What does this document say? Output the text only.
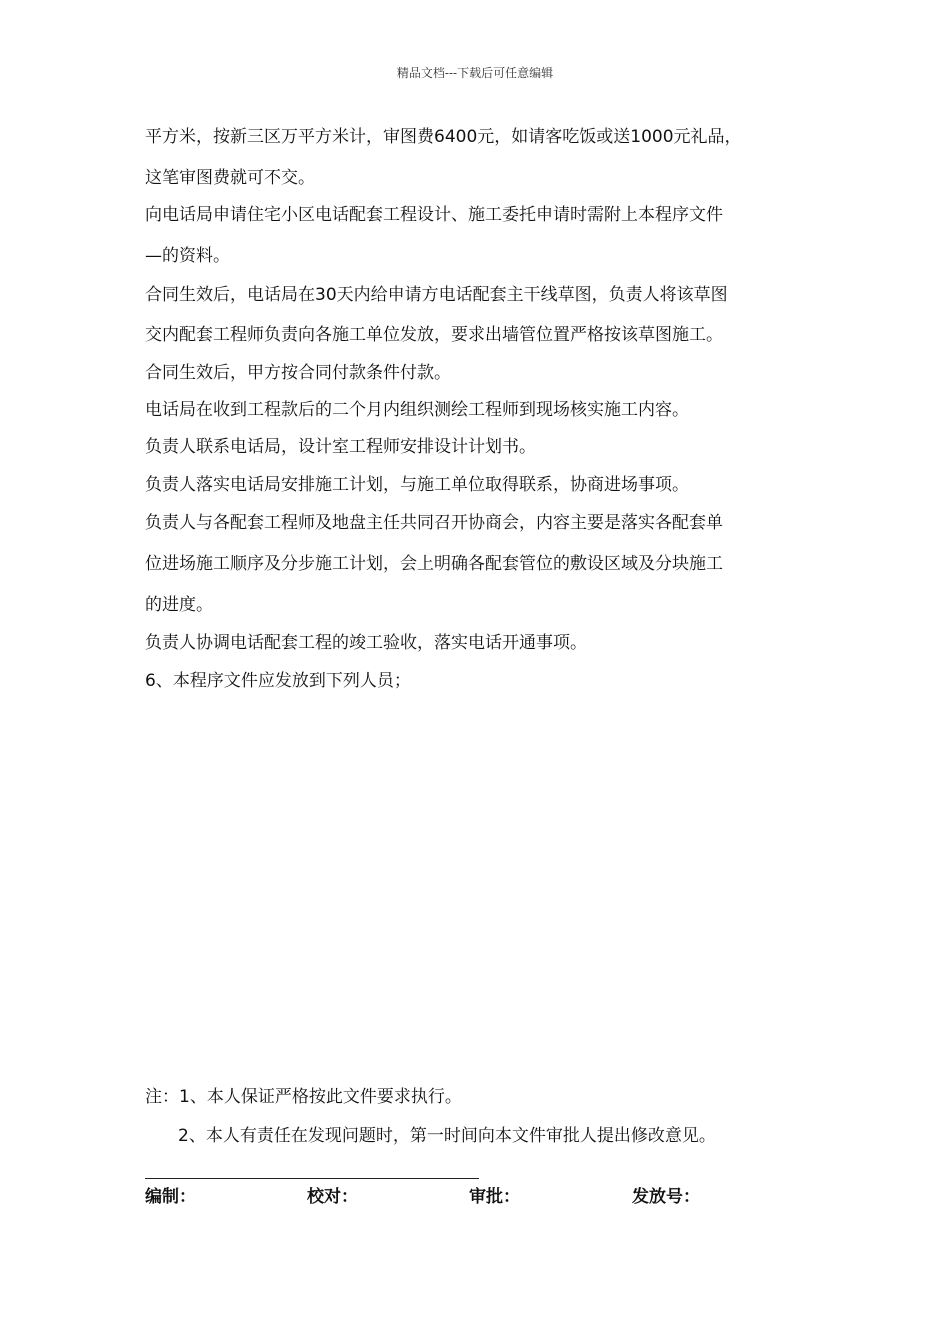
精品文档---下载后可任意编辑
平方米，按新三区万平方米计，审图费6400元，如请客吃饭或送1000元礼品，
这笔审图费就可不交。
向电话局申请住宅小区电话配套工程设计、施工委托申请时需附上本程序文件
—的资料。
合同生效后，电话局在30天内给申请方电话配套主干线草图，负责人将该草图
交内配套工程师负责向各施工单位发放，要求出墙管位置严格按该草图施工。
合同生效后，甲方按合同付款条件付款。
电话局在收到工程款后的二个月内组织测绘工程师到现场核实施工内容。
负责人联系电话局，设计室工程师安排设计计划书。
负责人落实电话局安排施工计划，与施工单位取得联系，协商进场事项。
负责人与各配套工程师及地盘主任共同召开协商会，内容主要是落实各配套单
位进场施工顺序及分步施工计划，会上明确各配套管位的敷设区域及分块施工
的进度。
负责人协调电话配套工程的竣工验收，落实电话开通事项。
6、本程序文件应发放到下列人员；
注：1、本人保证严格按此文件要求执行。
2、本人有责任在发现问题时，第一时间向本文件审批人提出修改意见。
编制：	校对：	审批：	发放号：
